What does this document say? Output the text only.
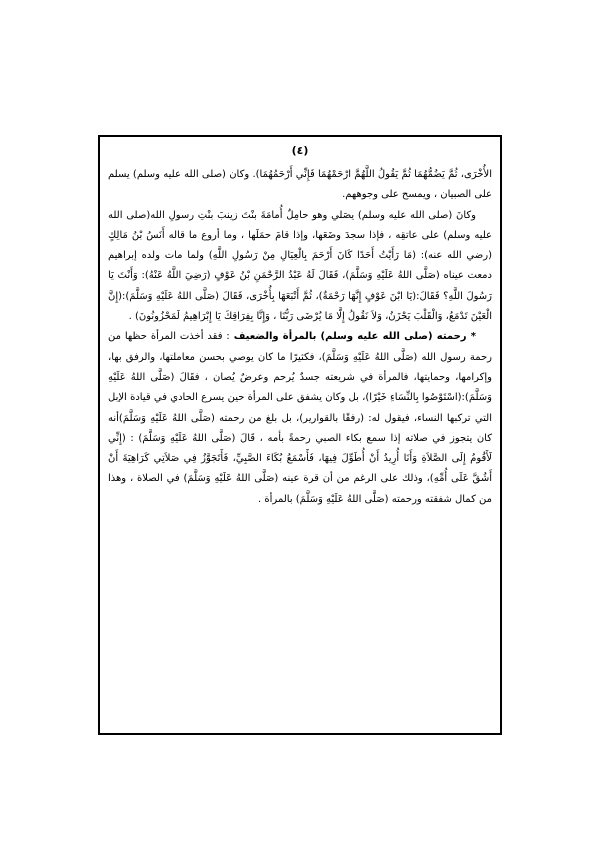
(٤)

الأُخْرَى، ثُمَّ يَضُمُّهُمَا ثُمَّ يَقُولُ اللَّهُمَّ ارْحَمْهُمَا فَإِنِّي أَرْحَمُهُمَا). وكان (صلى الله عليه وسلم) يسلم على الصبيان ، ويمسح على وجوههم.

وكانَ (صلى الله عليه وسلم) يصَلي وهو حامِلٌ أُمامَةَ بنْتَ زينبَ بنْتِ رسولِ الله(صلى الله عليه وسلم) على عاتقِه ، فإذا سجدَ وضَعَها، وإذا قامَ حمَلَها ، وما أروع ما قاله أَنَسُ بْنُ مَالِكٍ (رضي الله عنه): (مَا رَأَيْتُ أَحَدًا كَانَ أَرْحَمَ بِالْعِيَالِ مِنْ رَسُولِ اللَّهِ) ولما مات ولده إبراهيم دمعت عيناه (صَلَّى اللهُ عَلَيْهِ وَسَلَّمَ)، فَقَالَ لَهُ عَبْدُ الرَّحْمَنِ بْنُ عَوْفٍ (رَضِيَ اللَّهُ عَنْهُ): وَأَنْتَ يَا رَسُولَ اللَّهِ؟ فَقَالَ:(يَا ابْنَ عَوْفٍ إِنَّهَا رَحْمَةٌ)، ثُمَّ أَتْبَعَهَا بِأُخْرَى، فَقَالَ (صَلَّى اللهُ عَلَيْهِ وَسَلَّمَ):(إِنَّ الْعَيْنَ تَدْمَعُ، وَالْقَلْبَ يَحْزَنُ، وَلاَ نَقُولُ إِلَّا مَا يُرْضَى رَبُّنَا ، وَإِنَّا بِفِرَاقِكَ يَا إِبْرَاهِيمُ لَمَحْزُونُونَ) .

* رحمته (صلى الله عليه وسلم) بالمرأة والضعيف : فقد أخذت المرأة حظها من رحمة رسول الله (صَلَّى اللهُ عَلَيْهِ وَسَلَّمَ)، فكثيرًا ما كان يوصي بحسن معاملتها، والرفق بها، وإكرامها، وحمايتها، فالمرأة في شريعته جسدٌ يُرحم وعرضٌ يُصان ، فقَالَ (صَلَّى اللهُ عَلَيْهِ وَسَلَّمَ):(اسْتَوْصُوا بِالنِّسَاءِ خَيْرًا)، بل وكان يشفق على المرأة حين يسرع الحادي في قيادة الإبل التي تركبها النساء، فيقول له: (رفقًا بالقوارير)، بل بلغ من رحمته (صَلَّى اللهُ عَلَيْهِ وَسَلَّمَ)أنه كان يتجوز في صلاته إذا سمع بكاء الصبي رحمةً بأمه ، قَالَ (صَلَّى اللهُ عَلَيْهِ وَسَلَّمَ) : (إِنِّي لَأَقُومُ إِلَى الصَّلاَةِ وَأَنَا أُرِيدُ أَنْ أُطَوِّلَ فِيهَا، فَأَسْمَعُ بُكَاءَ الصَّبِيِّ، فَأَتَجَوَّزُ فِي صَلاَتِي كَرَاهِيَةَ أَنْ أَشُقَّ عَلَى أُمِّهِ)، وذلك على الرغم من أن قرة عينه (صَلَّى اللهُ عَلَيْهِ وَسَلَّمَ) في الصلاة ، وهذا من كمال شفقته ورحمته (صَلَّى اللهُ عَلَيْهِ وَسَلَّمَ) بالمرأة .
